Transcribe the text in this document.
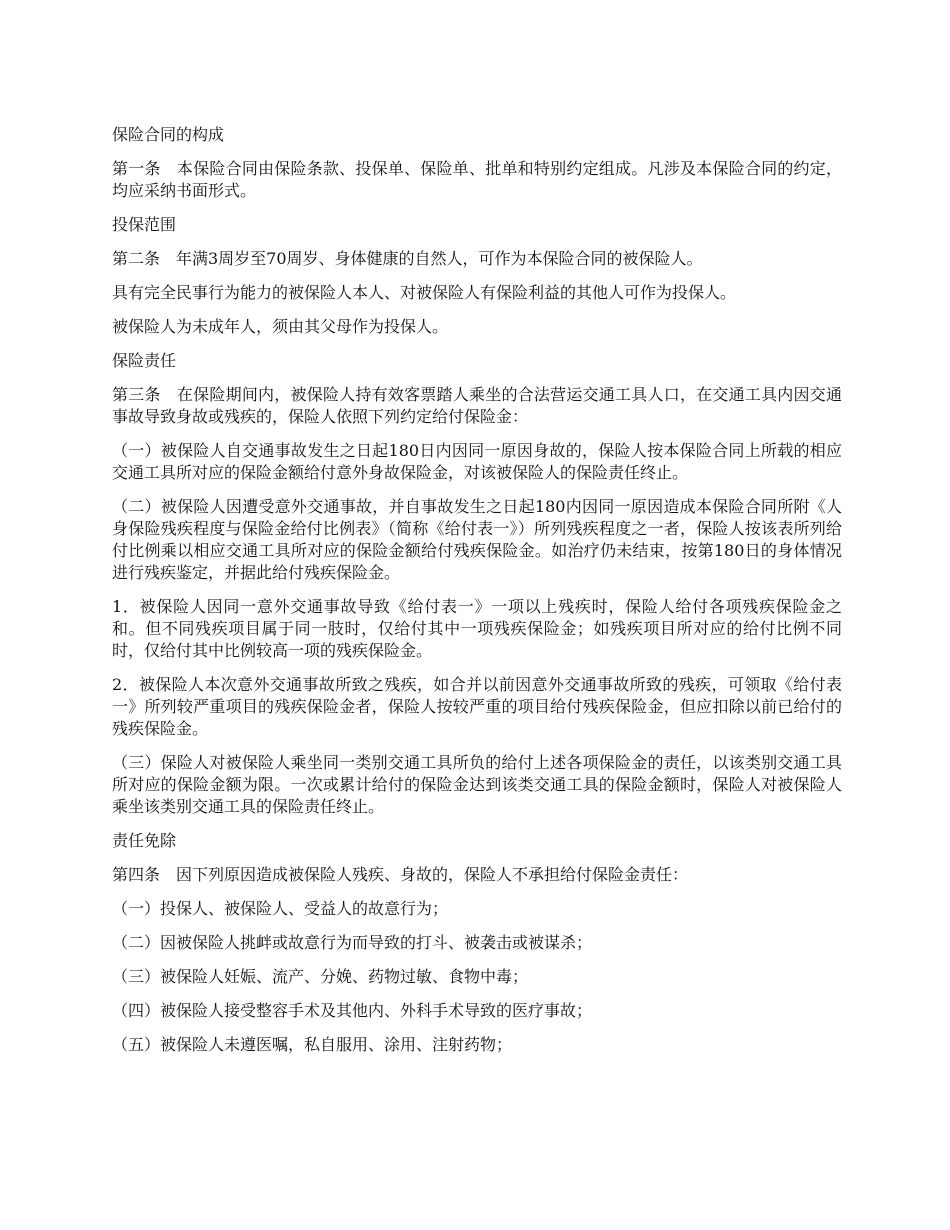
保险合同的构成

第一条　本保险合同由保险条款、投保单、保险单、批单和特别约定组成。凡涉及本保险合同的约定，均应采纳书面形式。

投保范围

第二条　年满3周岁至70周岁、身体健康的自然人，可作为本保险合同的被保险人。

具有完全民事行为能力的被保险人本人、对被保险人有保险利益的其他人可作为投保人。

被保险人为未成年人，须由其父母作为投保人。

保险责任

第三条　在保险期间内，被保险人持有效客票踏人乘坐的合法营运交通工具人口，在交通工具内因交通事故导致身故或残疾的，保险人依照下列约定给付保险金：

（一）被保险人自交通事故发生之日起180日内因同一原因身故的，保险人按本保险合同上所载的相应交通工具所对应的保险金额给付意外身故保险金，对该被保险人的保险责任终止。

（二）被保险人因遭受意外交通事故，并自事故发生之日起180内因同一原因造成本保险合同所附《人身保险残疾程度与保险金给付比例表》（简称《给付表一》）所列残疾程度之一者，保险人按该表所列给付比例乘以相应交通工具所对应的保险金额给付残疾保险金。如治疗仍未结束，按第180日的身体情况进行残疾鉴定，并据此给付残疾保险金。

1．被保险人因同一意外交通事故导致《给付表一》一项以上残疾时，保险人给付各项残疾保险金之和。但不同残疾项目属于同一肢时，仅给付其中一项残疾保险金；如残疾项目所对应的给付比例不同时，仅给付其中比例较高一项的残疾保险金。

2．被保险人本次意外交通事故所致之残疾，如合并以前因意外交通事故所致的残疾，可领取《给付表一》所列较严重项目的残疾保险金者，保险人按较严重的项目给付残疾保险金，但应扣除以前已给付的残疾保险金。

（三）保险人对被保险人乘坐同一类别交通工具所负的给付上述各项保险金的责任，以该类别交通工具所对应的保险金额为限。一次或累计给付的保险金达到该类交通工具的保险金额时，保险人对被保险人乘坐该类别交通工具的保险责任终止。

责任免除

第四条　因下列原因造成被保险人残疾、身故的，保险人不承担给付保险金责任：

（一）投保人、被保险人、受益人的故意行为；

（二）因被保险人挑衅或故意行为而导致的打斗、被袭击或被谋杀；

（三）被保险人妊娠、流产、分娩、药物过敏、食物中毒；

（四）被保险人接受整容手术及其他内、外科手术导致的医疗事故；

（五）被保险人未遵医嘱，私自服用、涂用、注射药物；
